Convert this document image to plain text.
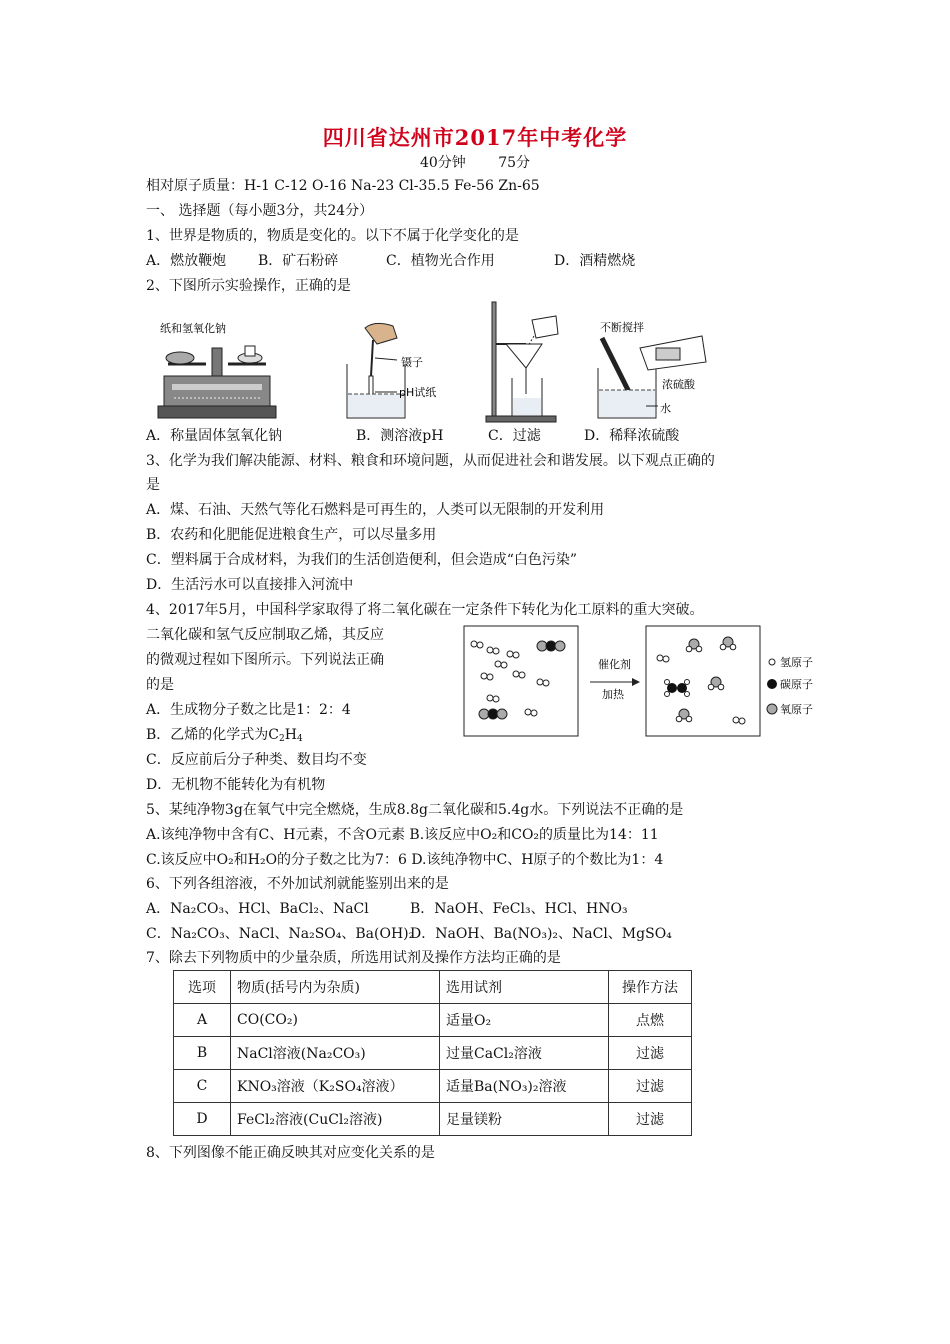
四川省达州市2017年中考化学
40分钟 75分
相对原子质量：H-1 C-12 O-16 Na-23 Cl-35.5 Fe-56 Zn-65
一、 选择题（每小题3分，共24分）
1、世界是物质的，物质是变化的。以下不属于化学变化的是
A．燃放鞭炮 B．矿石粉碎	C．植物光合作用	D．酒精燃烧
2、下图所示实验操作，正确的是
纸和氢氧化钠
镊子
pH试纸
不断搅拌
浓硫酸
水
A．称量固体氢氧化钠	B．测溶液pH	C．过滤	D．稀释浓硫酸
3、化学为我们解决能源、材料、粮食和环境问题，从而促进社会和谐发展。以下观点正确的
是
A．煤、石油、天然气等化石燃料是可再生的，人类可以无限制的开发利用
B．农药和化肥能促进粮食生产，可以尽量多用
C．塑料属于合成材料，为我们的生活创造便利，但会造成“白色污染”
D．生活污水可以直接排入河流中
4、2017年5月，中国科学家取得了将二氧化碳在一定条件下转化为化工原料的重大突破。
二氧化碳和氢气反应制取乙烯，其反应
的微观过程如下图所示。下列说法正确
的是
A．生成物分子数之比是1：2：4
B．乙烯的化学式为$C_2H_4$
C．反应前后分子种类、数目均不变
D．无机物不能转化为有机物
催化剂
加热
氢原子
碳原子
氧原子
5、某纯净物3g在氧气中完全燃烧，生成8.8g二氧化碳和5.4g水。下列说法不正确的是
A.该纯净物中含有C、H元素，不含O元素 B.该反应中O₂和CO₂的质量比为14：11
C.该反应中O₂和H₂O的分子数之比为7：6 D.该纯净物中C、H原子的个数比为1：4
6、下列各组溶液，不外加试剂就能鉴别出来的是
A．Na₂CO₃、HCl、BaCl₂、NaCl	B．NaOH、FeCl₃、HCl、HNO₃
C．Na₂CO₃、NaCl、Na₂SO₄、Ba(OH)₂D．NaOH、Ba(NO₃)₂、NaCl、MgSO₄
7、除去下列物质中的少量杂质，所选用试剂及操作方法均正确的是
选项	物质(括号内为杂质)	选用试剂	操作方法
A	CO(CO₂)	适量O₂	点燃
B	NaCl溶液(Na₂CO₃)	过量CaCl₂溶液	过滤
C	KNO₃溶液（K₂SO₄溶液）	适量Ba(NO₃)₂溶液	过滤
D	FeCl₂溶液(CuCl₂溶液)	足量镁粉	过滤
8、下列图像不能正确反映其对应变化关系的是
